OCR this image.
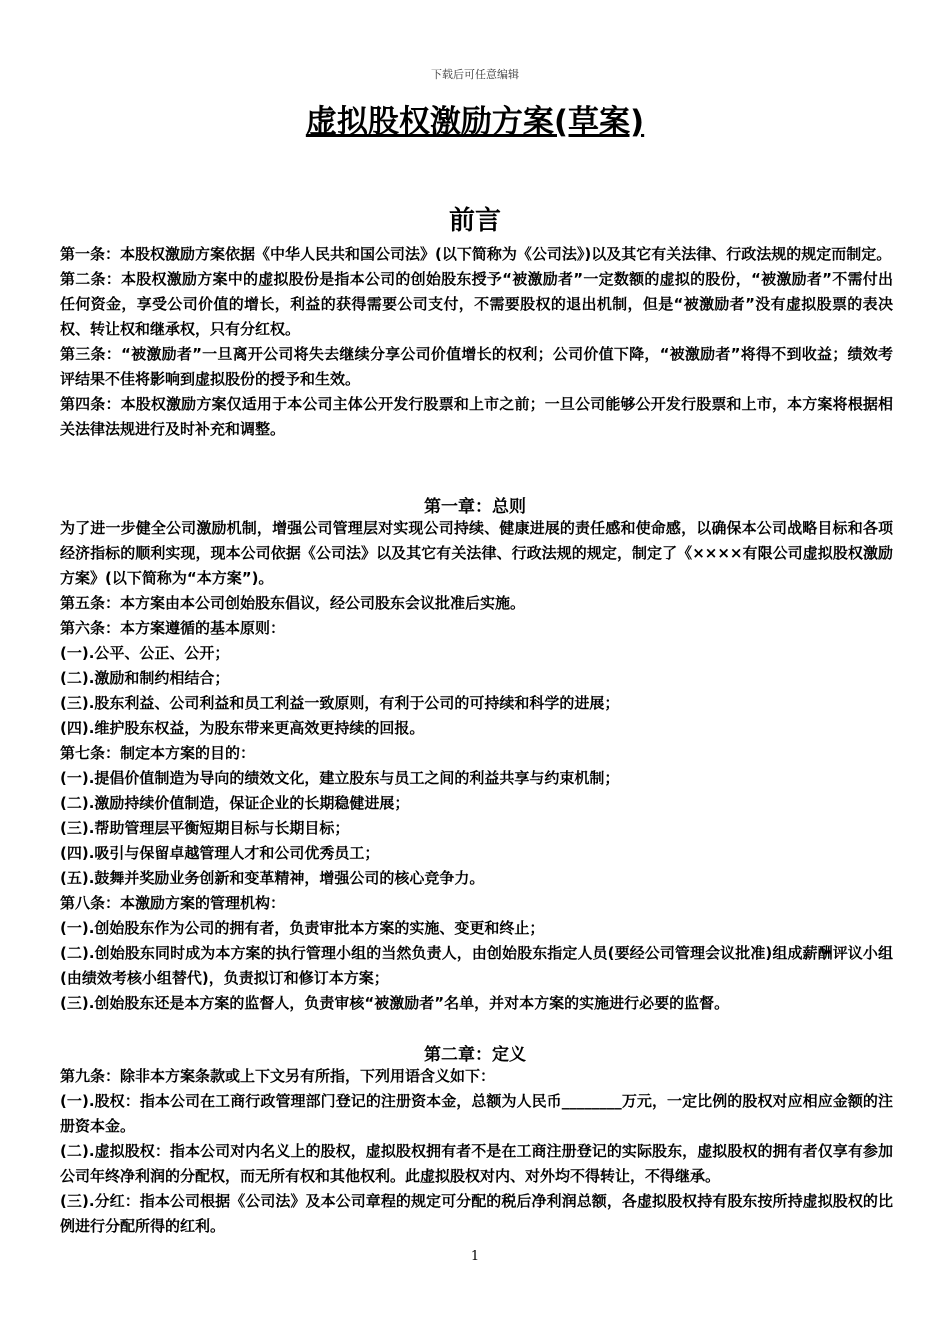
下载后可任意编辑
虚拟股权激励方案(草案)
前言

第一条：本股权激励方案依据《中华人民共和国公司法》(以下简称为《公司法》)以及其它有关法律、行政法规的规定而制定。

第二条：本股权激励方案中的虚拟股份是指本公司的创始股东授予“被激励者”一定数额的虚拟的股份，“被激励者”不需付出任何资金，享受公司价值的增长，利益的获得需要公司支付，不需要股权的退出机制，但是“被激励者”没有虚拟股票的表决权、转让权和继承权，只有分红权。

第三条：“被激励者”一旦离开公司将失去继续分享公司价值增长的权利；公司价值下降，“被激励者”将得不到收益；绩效考评结果不佳将影响到虚拟股份的授予和生效。

第四条：本股权激励方案仅适用于本公司主体公开发行股票和上市之前；一旦公司能够公开发行股票和上市，本方案将根据相关法律法规进行及时补充和调整。

第一章：总则

为了进一步健全公司激励机制，增强公司管理层对实现公司持续、健康进展的责任感和使命感，以确保本公司战略目标和各项经济指标的顺利实现，现本公司依据《公司法》以及其它有关法律、行政法规的规定，制定了《××××有限公司虚拟股权激励方案》(以下简称为“本方案”)。

第五条：本方案由本公司创始股东倡议，经公司股东会议批准后实施。

第六条：本方案遵循的基本原则：

(一).公平、公正、公开；

(二).激励和制约相结合；

(三).股东利益、公司利益和员工利益一致原则，有利于公司的可持续和科学的进展；

(四).维护股东权益，为股东带来更高效更持续的回报。

第七条：制定本方案的目的：

(一).提倡价值制造为导向的绩效文化，建立股东与员工之间的利益共享与约束机制；

(二).激励持续价值制造，保证企业的长期稳健进展；

(三).帮助管理层平衡短期目标与长期目标；

(四).吸引与保留卓越管理人才和公司优秀员工；

(五).鼓舞并奖励业务创新和变革精神，增强公司的核心竞争力。

第八条：本激励方案的管理机构：

(一).创始股东作为公司的拥有者，负责审批本方案的实施、变更和终止；

(二).创始股东同时成为本方案的执行管理小组的当然负责人，由创始股东指定人员(要经公司管理会议批准)组成薪酬评议小组(由绩效考核小组替代)，负责拟订和修订本方案；

(三).创始股东还是本方案的监督人，负责审核“被激励者”名单，并对本方案的实施进行必要的监督。

第二章：定义

第九条：除非本方案条款或上下文另有所指，下列用语含义如下：

(一).股权：指本公司在工商行政管理部门登记的注册资本金，总额为人民币________万元，一定比例的股权对应相应金额的注册资本金。

(二).虚拟股权：指本公司对内名义上的股权，虚拟股权拥有者不是在工商注册登记的实际股东，虚拟股权的拥有者仅享有参加公司年终净利润的分配权，而无所有权和其他权利。此虚拟股权对内、对外均不得转让，不得继承。

(三).分红：指本公司根据《公司法》及本公司章程的规定可分配的税后净利润总额，各虚拟股权持有股东按所持虚拟股权的比例进行分配所得的红利。

1
